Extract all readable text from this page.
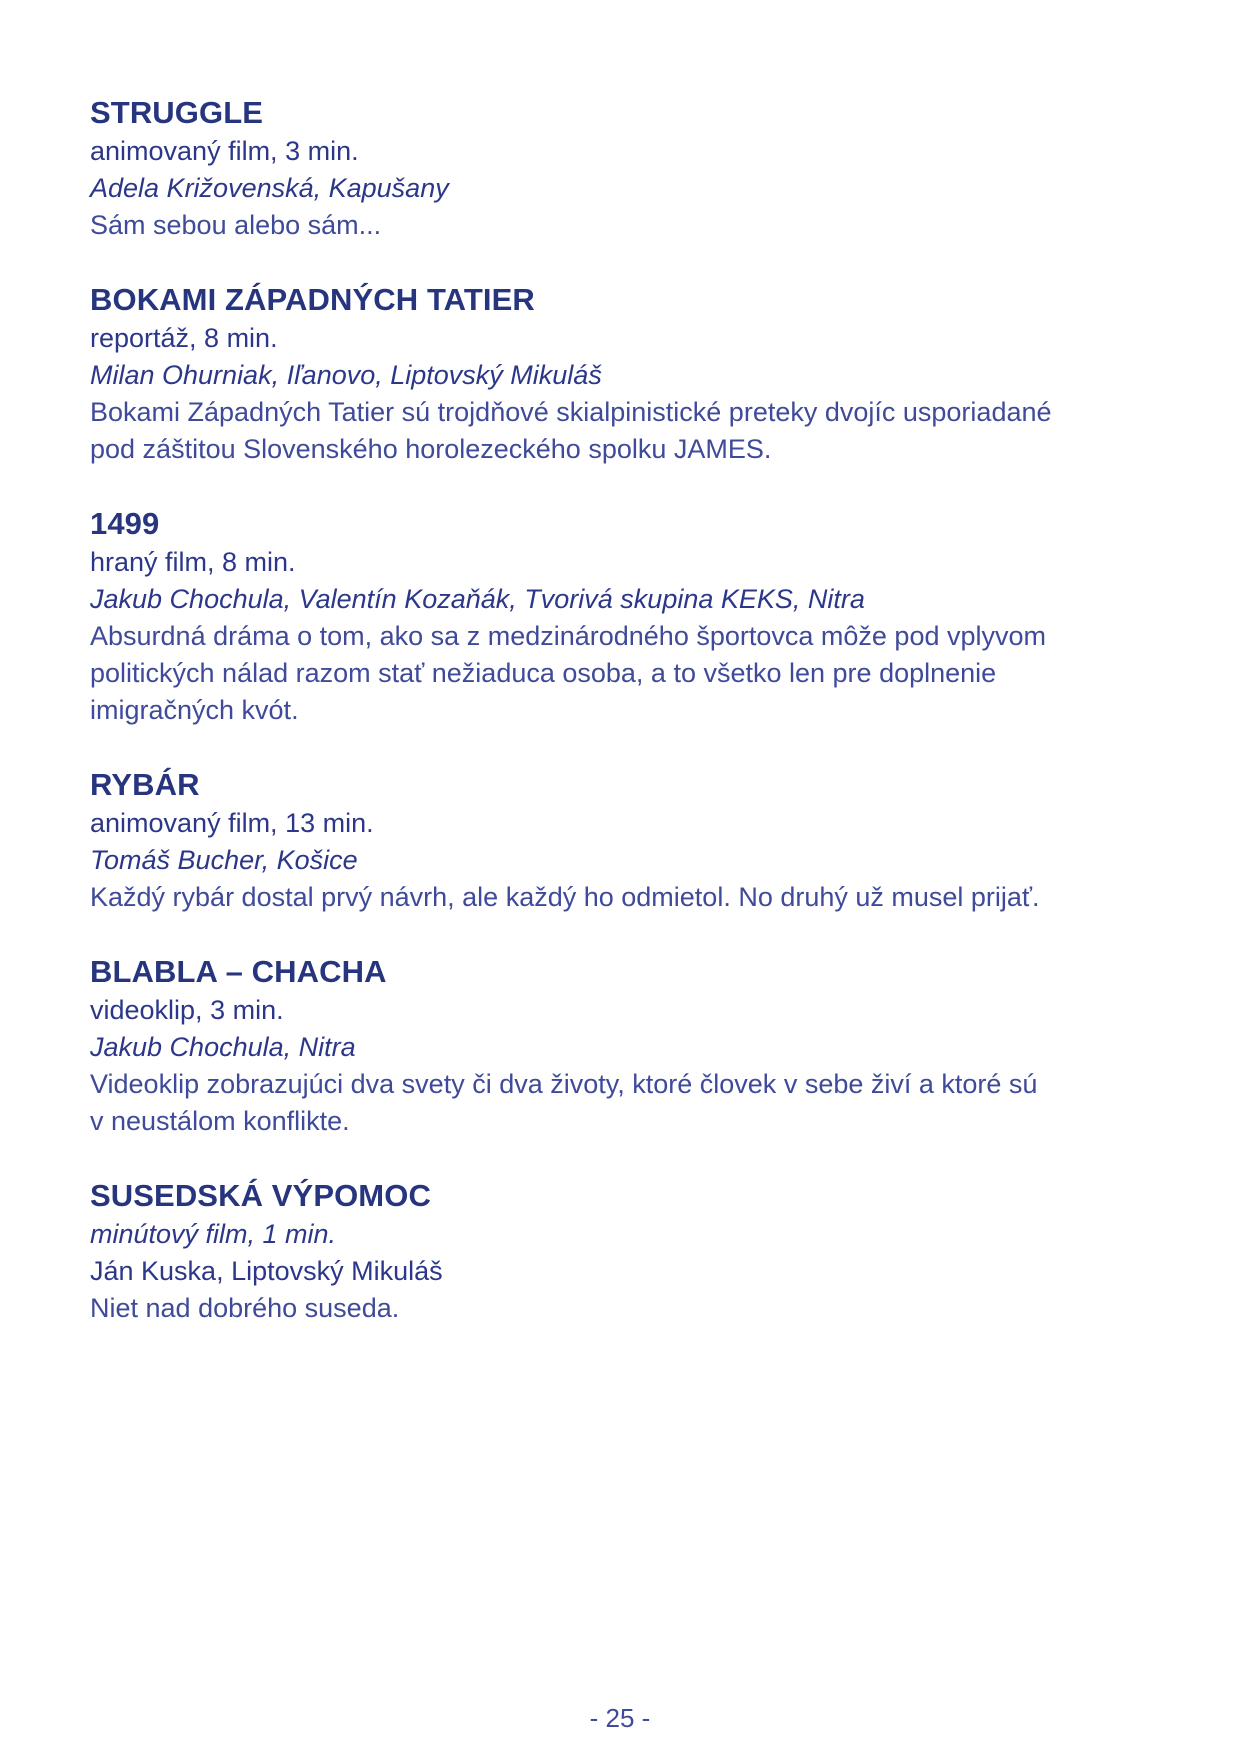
STRUGGLE
animovaný film, 3 min.
Adela Križovenská, Kapušany
Sám sebou alebo sám...
BOKAMI ZÁPADNÝCH TATIER
reportáž, 8 min.
Milan Ohurniak, Iľanovo, Liptovský Mikuláš
Bokami Západných Tatier sú trojdňové skialpinistické preteky dvojíc usporiadané
pod záštitou Slovenského horolezeckého spolku JAMES.
1499
hraný film, 8 min.
Jakub Chochula, Valentín Kozaňák, Tvorivá skupina KEKS, Nitra
Absurdná dráma o tom, ako sa z medzinárodného športovca môže pod vplyvom
politických nálad razom stať nežiaduca osoba, a to všetko len pre doplnenie
imigračných kvót.
RYBÁR
animovaný film, 13 min.
Tomáš Bucher, Košice
Každý rybár dostal prvý návrh, ale každý ho odmietol. No druhý už musel prijať.
BLABLA – CHACHA
videoklip, 3 min.
Jakub Chochula, Nitra
Videoklip zobrazujúci dva svety či dva životy, ktoré človek v sebe živí a ktoré sú
v neustálom konflikte.
SUSEDSKÁ VÝPOMOC
minútový film, 1 min.
Ján Kuska, Liptovský Mikuláš
Niet nad dobrého suseda.
- 25 -
